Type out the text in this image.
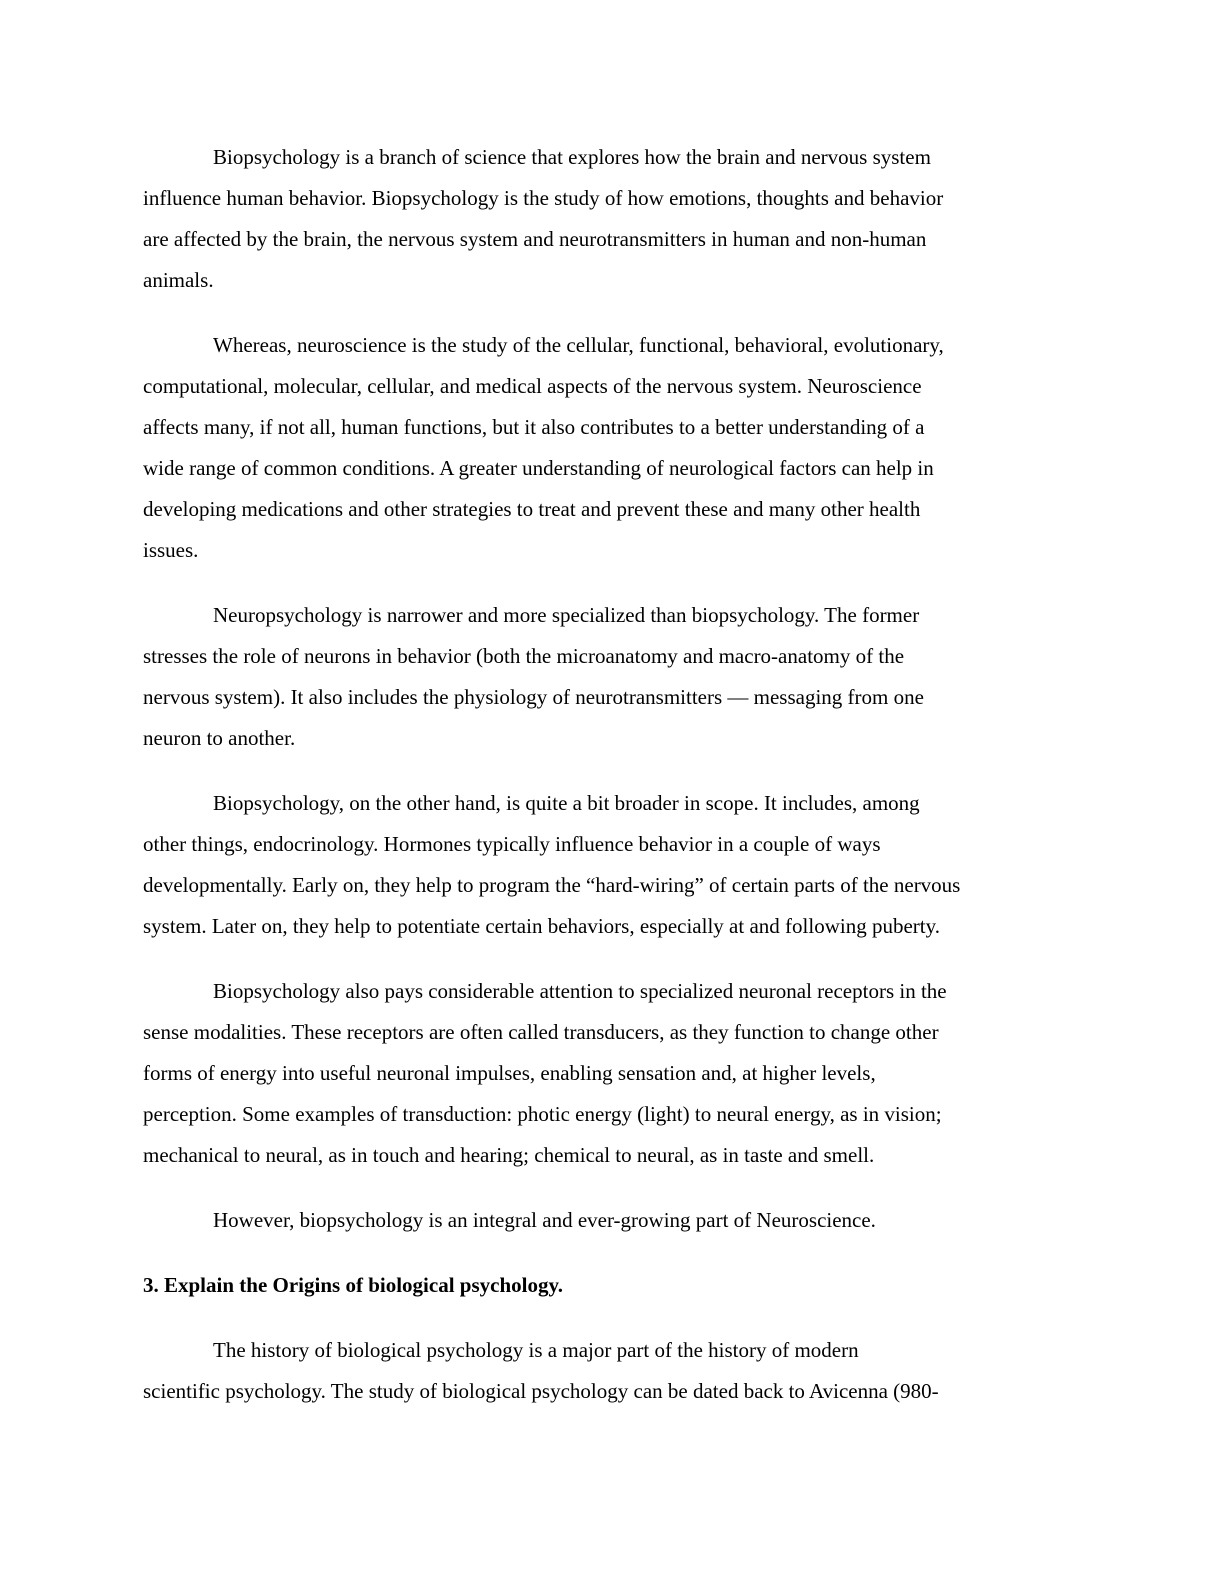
Biopsychology is a branch of science that explores how the brain and nervous system
influence human behavior. Biopsychology is the study of how emotions, thoughts and behavior
are affected by the brain, the nervous system and neurotransmitters in human and non-human
animals.

Whereas, neuroscience is the study of the cellular, functional, behavioral, evolutionary,
computational, molecular, cellular, and medical aspects of the nervous system. Neuroscience
affects many, if not all, human functions, but it also contributes to a better understanding of a
wide range of common conditions. A greater understanding of neurological factors can help in
developing medications and other strategies to treat and prevent these and many other health
issues.

Neuropsychology is narrower and more specialized than biopsychology. The former
stresses the role of neurons in behavior (both the microanatomy and macro-anatomy of the
nervous system). It also includes the physiology of neurotransmitters — messaging from one
neuron to another.

Biopsychology, on the other hand, is quite a bit broader in scope. It includes, among
other things, endocrinology. Hormones typically influence behavior in a couple of ways
developmentally. Early on, they help to program the “hard-wiring” of certain parts of the nervous
system. Later on, they help to potentiate certain behaviors, especially at and following puberty.

Biopsychology also pays considerable attention to specialized neuronal receptors in the
sense modalities. These receptors are often called transducers, as they function to change other
forms of energy into useful neuronal impulses, enabling sensation and, at higher levels,
perception. Some examples of transduction: photic energy (light) to neural energy, as in vision;
mechanical to neural, as in touch and hearing; chemical to neural, as in taste and smell.

However, biopsychology is an integral and ever-growing part of Neuroscience.

3. Explain the Origins of biological psychology.

The history of biological psychology is a major part of the history of modern
scientific psychology. The study of biological psychology can be dated back to Avicenna (980-
